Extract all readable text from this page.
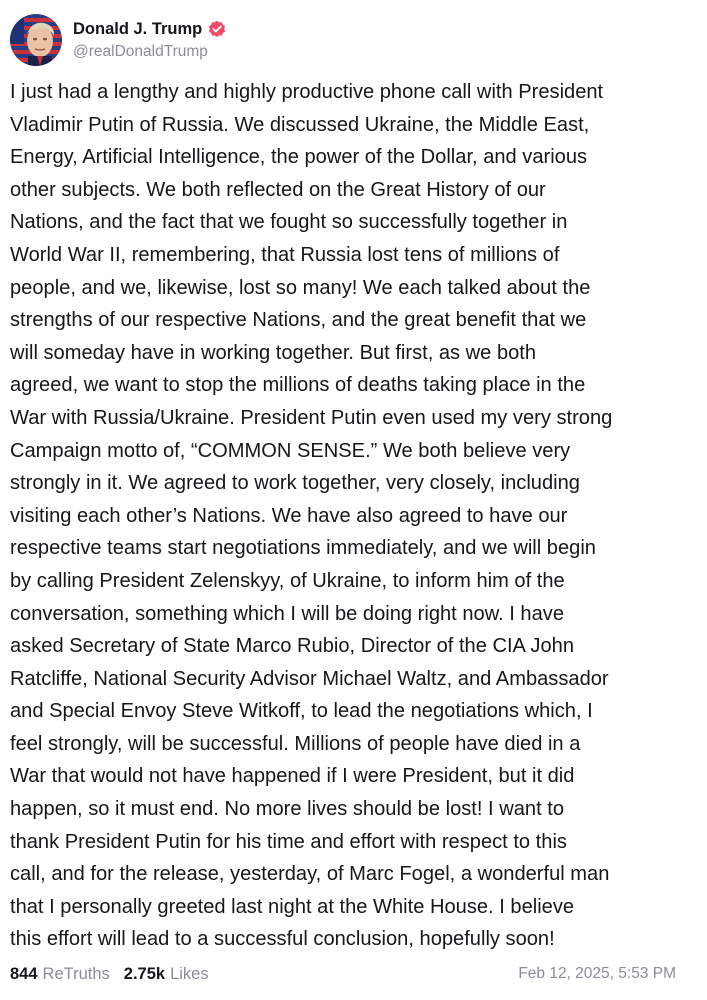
Donald J. Trump
@realDonaldTrump

I just had a lengthy and highly productive phone call with President
Vladimir Putin of Russia. We discussed Ukraine, the Middle East,
Energy, Artificial Intelligence, the power of the Dollar, and various
other subjects. We both reflected on the Great History of our
Nations, and the fact that we fought so successfully together in
World War II, remembering, that Russia lost tens of millions of
people, and we, likewise, lost so many! We each talked about the
strengths of our respective Nations, and the great benefit that we
will someday have in working together. But first, as we both
agreed, we want to stop the millions of deaths taking place in the
War with Russia/Ukraine. President Putin even used my very strong
Campaign motto of, “COMMON SENSE.” We both believe very
strongly in it. We agreed to work together, very closely, including
visiting each other’s Nations. We have also agreed to have our
respective teams start negotiations immediately, and we will begin
by calling President Zelenskyy, of Ukraine, to inform him of the
conversation, something which I will be doing right now. I have
asked Secretary of State Marco Rubio, Director of the CIA John
Ratcliffe, National Security Advisor Michael Waltz, and Ambassador
and Special Envoy Steve Witkoff, to lead the negotiations which, I
feel strongly, will be successful. Millions of people have died in a
War that would not have happened if I were President, but it did
happen, so it must end. No more lives should be lost! I want to
thank President Putin for his time and effort with respect to this
call, and for the release, yesterday, of Marc Fogel, a wonderful man
that I personally greeted last night at the White House. I believe
this effort will lead to a successful conclusion, hopefully soon!

844 ReTruths 2.75k Likes	Feb 12, 2025, 5:53 PM
